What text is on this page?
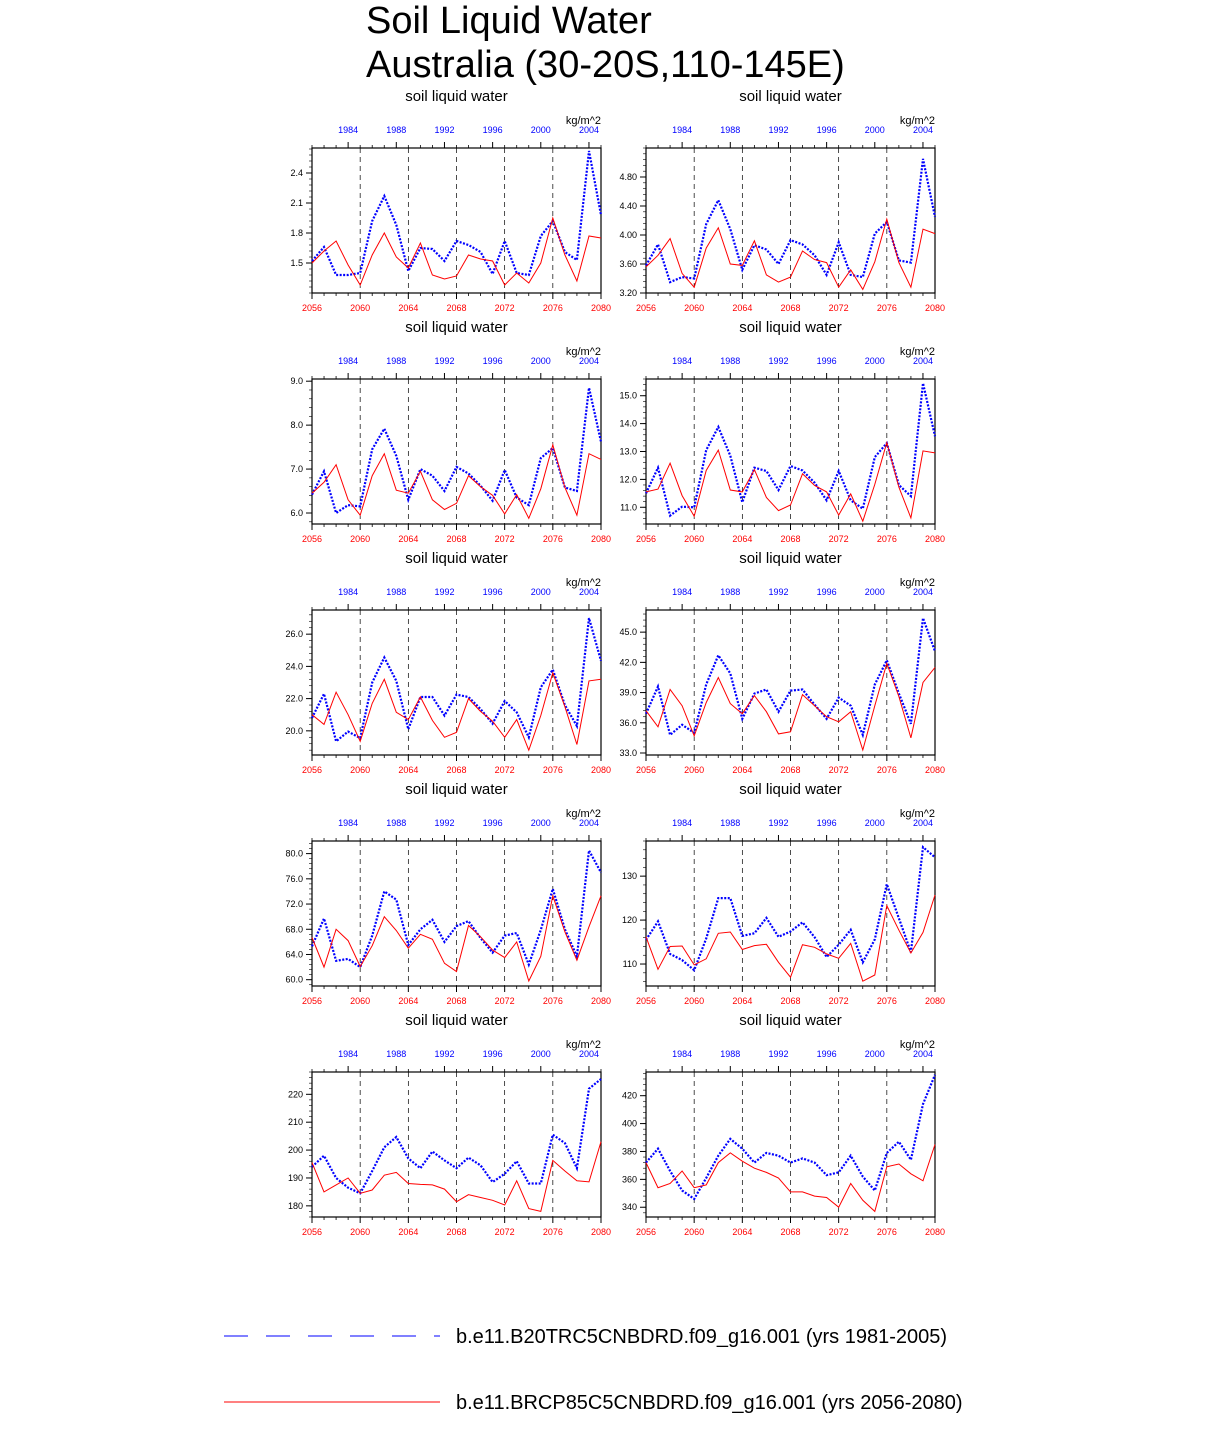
Soil Liquid Water
Australia (30-20S,110-145E)
soil liquid water
kg/m^2
2056	2060	2064	2068	2072	2076	2080
1984	1988	1992	1996	2000	2004
1.5
1.8
2.1
2.4
soil liquid water
kg/m^2
2056	2060	2064	2068	2072	2076	2080
1984	1988	1992	1996	2000	2004
3.20
3.60
4.00
4.40
4.80
soil liquid water
kg/m^2
2056	2060	2064	2068	2072	2076	2080
1984	1988	1992	1996	2000	2004
6.0
7.0
8.0
9.0
soil liquid water
kg/m^2
2056	2060	2064	2068	2072	2076	2080
1984	1988	1992	1996	2000	2004
11.0
12.0
13.0
14.0
15.0
soil liquid water
kg/m^2
2056	2060	2064	2068	2072	2076	2080
1984	1988	1992	1996	2000	2004
20.0
22.0
24.0
26.0
soil liquid water
kg/m^2
2056	2060	2064	2068	2072	2076	2080
1984	1988	1992	1996	2000	2004
33.0
36.0
39.0
42.0
45.0
soil liquid water
kg/m^2
2056	2060	2064	2068	2072	2076	2080
1984	1988	1992	1996	2000	2004
60.0
64.0
68.0
72.0
76.0
80.0
soil liquid water
kg/m^2
2056	2060	2064	2068	2072	2076	2080
1984	1988	1992	1996	2000	2004
110
120
130
soil liquid water
kg/m^2
2056	2060	2064	2068	2072	2076	2080
1984	1988	1992	1996	2000	2004
180
190
200
210
220
soil liquid water
kg/m^2
2056	2060	2064	2068	2072	2076	2080
1984	1988	1992	1996	2000	2004
340
360
380
400
420
b.e11.B20TRC5CNBDRD.f09_g16.001 (yrs 1981-2005)
b.e11.BRCP85C5CNBDRD.f09_g16.001 (yrs 2056-2080)
